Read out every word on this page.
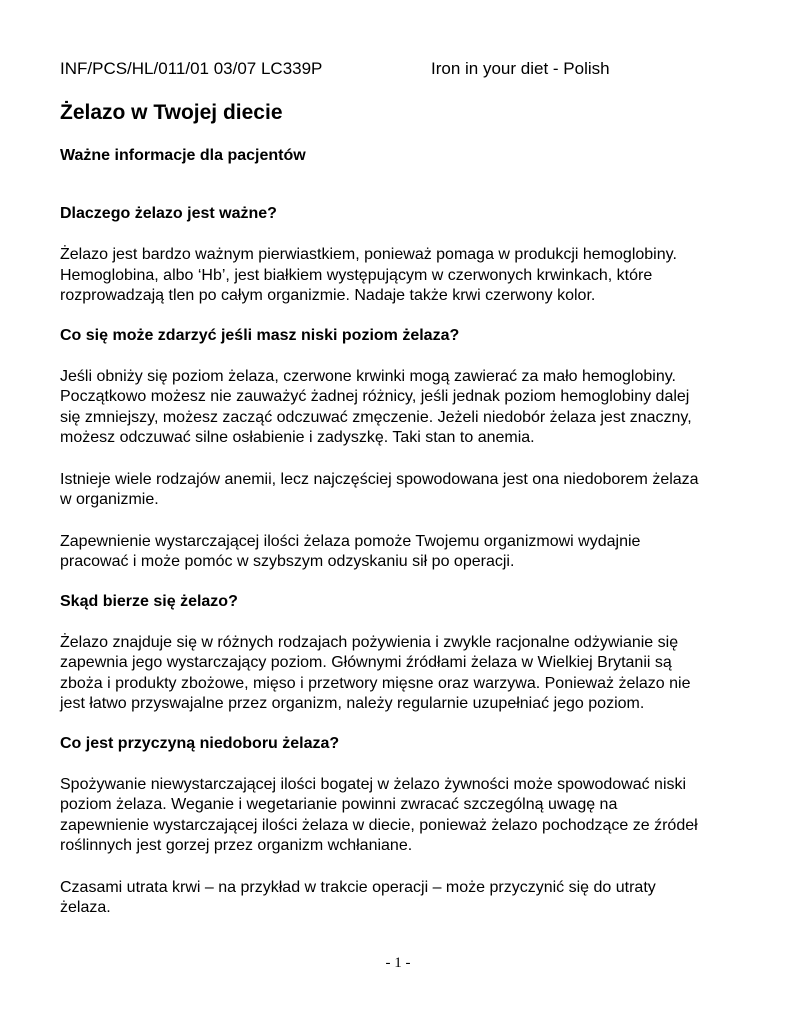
INF/PCS/HL/011/01 03/07 LC339P	Iron in your diet - Polish
Żelazo w Twojej diecie
Ważne informacje dla pacjentów
Dlaczego żelazo jest ważne?

Żelazo jest bardzo ważnym pierwiastkiem, ponieważ pomaga w produkcji hemoglobiny.
Hemoglobina, albo ‘Hb’, jest białkiem występującym w czerwonych krwinkach, które
rozprowadzają tlen po całym organizmie. Nadaje także krwi czerwony kolor.

Co się może zdarzyć jeśli masz niski poziom żelaza?

Jeśli obniży się poziom żelaza, czerwone krwinki mogą zawierać za mało hemoglobiny.
Początkowo możesz nie zauważyć żadnej różnicy, jeśli jednak poziom hemoglobiny dalej
się zmniejszy, możesz zacząć odczuwać zmęczenie. Jeżeli niedobór żelaza jest znaczny,
możesz odczuwać silne osłabienie i zadyszkę. Taki stan to anemia.

Istnieje wiele rodzajów anemii, lecz najczęściej spowodowana jest ona niedoborem żelaza
w organizmie.

Zapewnienie wystarczającej ilości żelaza pomoże Twojemu organizmowi wydajnie
pracować i może pomóc w szybszym odzyskaniu sił po operacji.

Skąd bierze się żelazo?

Żelazo znajduje się w różnych rodzajach pożywienia i zwykle racjonalne odżywianie się
zapewnia jego wystarczający poziom. Głównymi źródłami żelaza w Wielkiej Brytanii są
zboża i produkty zbożowe, mięso i przetwory mięsne oraz warzywa. Ponieważ żelazo nie
jest łatwo przyswajalne przez organizm, należy regularnie uzupełniać jego poziom.

Co jest przyczyną niedoboru żelaza?

Spożywanie niewystarczającej ilości bogatej w żelazo żywności może spowodować niski
poziom żelaza. Weganie i wegetarianie powinni zwracać szczególną uwagę na
zapewnienie wystarczającej ilości żelaza w diecie, ponieważ żelazo pochodzące ze źródeł
roślinnych jest gorzej przez organizm wchłaniane.

Czasami utrata krwi – na przykład w trakcie operacji – może przyczynić się do utraty
żelaza.

- 1 -
